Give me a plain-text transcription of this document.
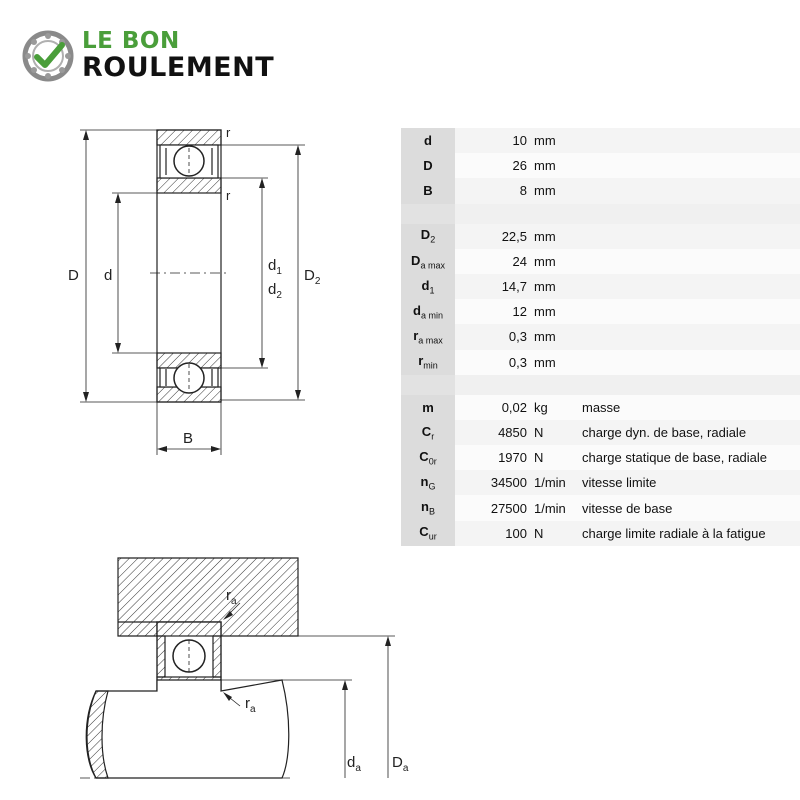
LE BON
ROULEMENT
D d
$d_1$
$d_2$
$D_2$
B
r
r
$r_a$
$r_a$
$d_a$ $D_a$
d	10	mm	
D	26	mm	
B	8	mm	

$D_2$	22,5	mm	
$D_{a max}$	24	mm	
$d_1$	14,7	mm	
$d_{a min}$	12	mm	
$r_{a max}$	0,3	mm	
$r_{min}$	0,3	mm	

m	0,02	kg	masse
$C_r$	4850	N	charge dyn. de base, radiale
$C_{0r}$	1970	N	charge statique de base, radiale
$n_G$	34500	1/min	vitesse limite
$n_B$	27500	1/min	vitesse de base
$C_{ur}$	100	N	charge limite radiale à la fatigue
